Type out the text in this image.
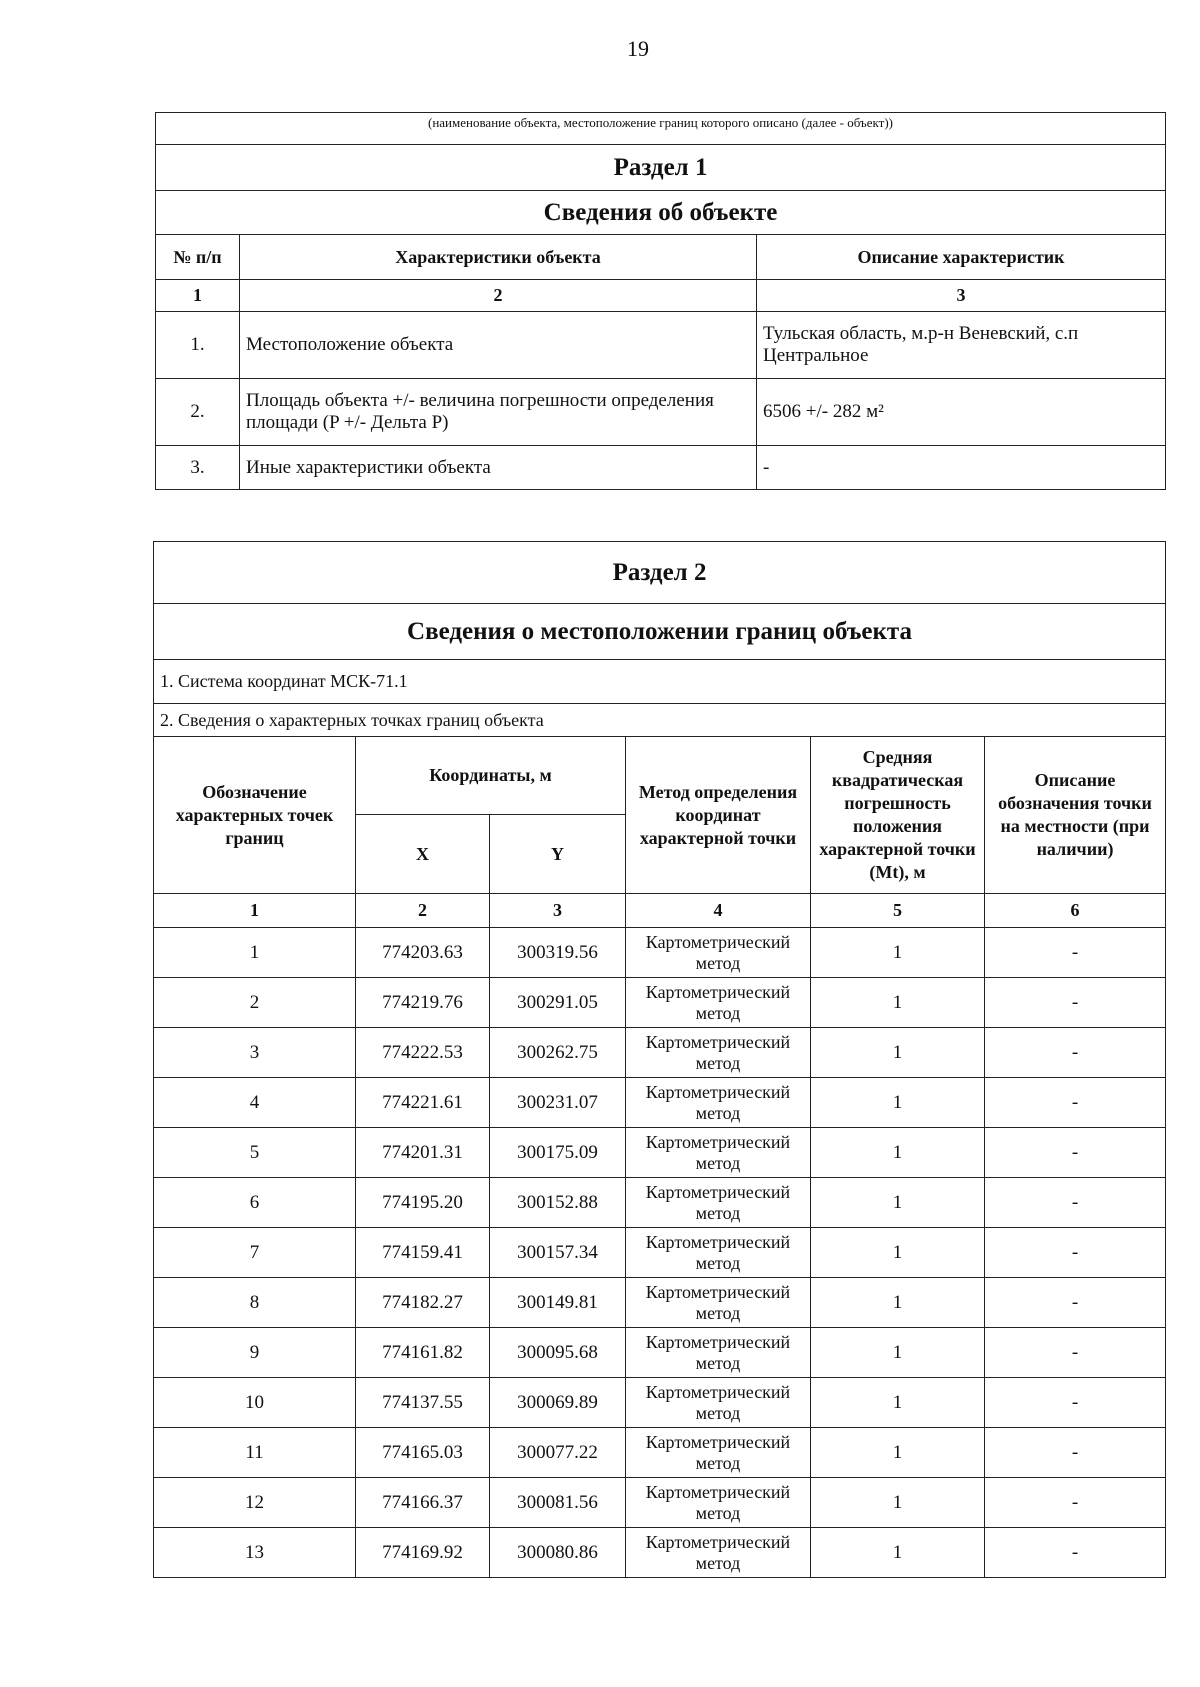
19
(наименование объекта, местоположение границ которого описано (далее - объект))		

Раздел 1		
Сведения об объекте		
№ п/п	Характеристики объекта	Описание характеристик
1	2	3
1.	Местоположение объекта	Тульская область, м.р-н Веневский, с.п Центральное
2.	Площадь объекта +/- величина погрешности определения площади (P +/- Дельта P)	6506 +/- 282 м²
3.	Иные характеристики объекта	-
Раздел 2					
Сведения о местоположении границ объекта					
1. Система координат МСК-71.1					
2. Сведения о характерных точках границ объекта					
Обозначение характерных точек границ	Координаты, м		Метод определения координат характерной точки	Средняя квадратическая погрешность положения характерной точки (Mt), м	Описание обозначения точки на местности (при наличии)
	X	Y			
1	2	3	4	5	6
1	774203.63	300319.56	Картометрический метод	1	-
2	774219.76	300291.05	Картометрический метод	1	-
3	774222.53	300262.75	Картометрический метод	1	-
4	774221.61	300231.07	Картометрический метод	1	-
5	774201.31	300175.09	Картометрический метод	1	-
6	774195.20	300152.88	Картометрический метод	1	-
7	774159.41	300157.34	Картометрический метод	1	-
8	774182.27	300149.81	Картометрический метод	1	-
9	774161.82	300095.68	Картометрический метод	1	-
10	774137.55	300069.89	Картометрический метод	1	-
11	774165.03	300077.22	Картометрический метод	1	-
12	774166.37	300081.56	Картометрический метод	1	-
13	774169.92	300080.86	Картометрический метод	1	-
